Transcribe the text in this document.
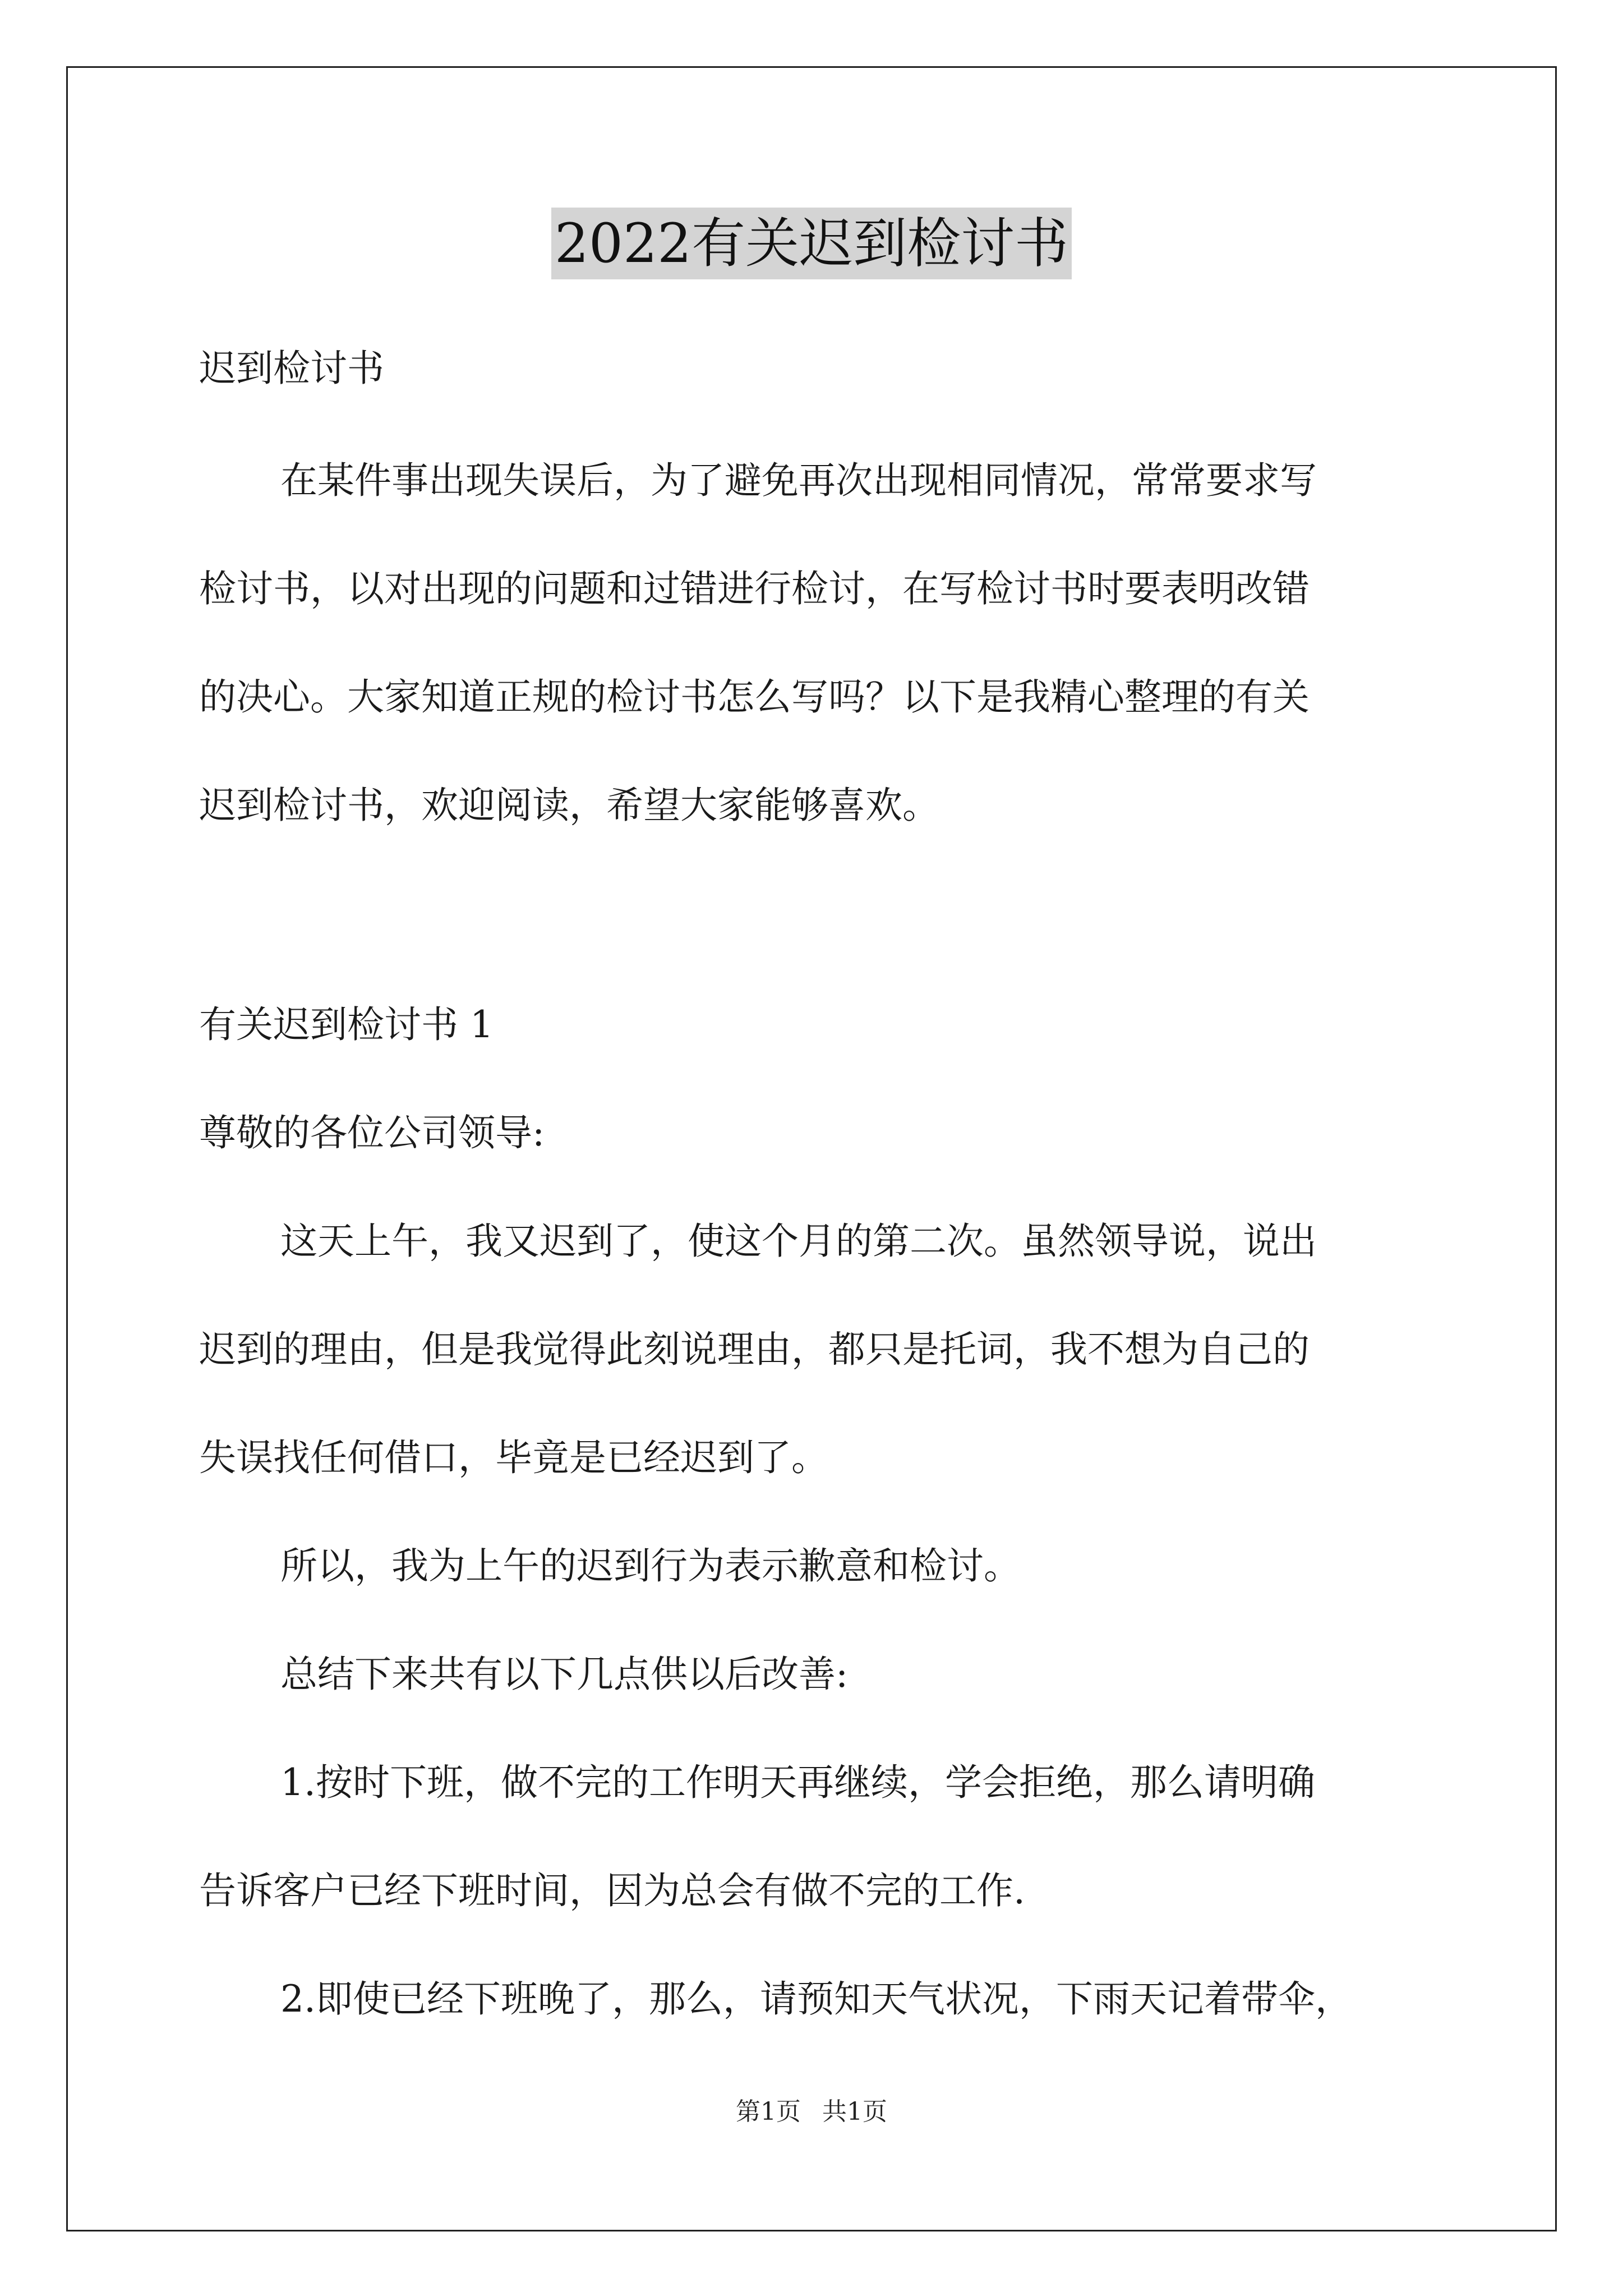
2022有关迟到检讨书
迟到检讨书
在某件事出现失误后，为了避免再次出现相同情况，常常要求写
检讨书，以对出现的问题和过错进行检讨，在写检讨书时要表明改错
的决心。大家知道正规的检讨书怎么写吗？以下是我精心整理的有关
迟到检讨书，欢迎阅读，希望大家能够喜欢。
有关迟到检讨书 1
尊敬的各位公司领导:
这天上午，我又迟到了，使这个月的第二次。虽然领导说，说出
迟到的理由，但是我觉得此刻说理由，都只是托词，我不想为自己的
失误找任何借口，毕竟是已经迟到了。
所以，我为上午的迟到行为表示歉意和检讨。
总结下来共有以下几点供以后改善:
1.按时下班，做不完的工作明天再继续，学会拒绝，那么请明确
告诉客户已经下班时间，因为总会有做不完的工作.
2.即使已经下班晚了，那么，请预知天气状况，下雨天记着带伞，
第1页 共1页
